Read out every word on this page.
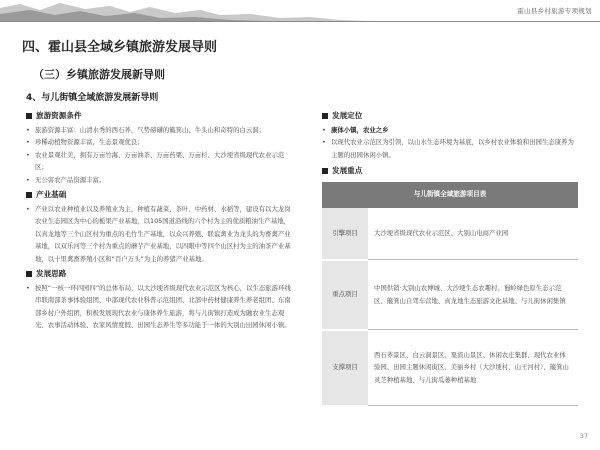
霍山县乡村旅游专项规划
四、霍山县全域乡镇旅游发展导则
（三）乡镇旅游发展新导则
4、与儿街镇全域旅游发展新导则
旅游资源条件
• 旅游资源丰富：山清水秀的西石荞，气势磅礴的簸箕山、牛头山和奇特的白云洞；
• 珍稀动植物资源丰富，生态景观优良；
• 农业景观壮美，拥有万亩竹海、万亩油茶、万亩药栗、万亩杉、大沙埂省级现代农业示范区；
• 无公害农产品资源丰富。
产业基础
• 产业以农业种植业以及养殖业为主，种植有蔬菜、茶叶、中药材、水稻等，建设有以大龙岗农业生态园区为中心的栀果产业基地，以105国道沿线的六个村为主的优质粮油生产基地，以真龙地等三个山区村为重点的毛竹生产基地，以众兴养殖、联谊禽业为龙头的为畜禽产业基地，以双乐河等三个村为重点的蘑芋产业基地，以四眼中等四个山区村为主的油茶产业基地，以十里禽畜养殖小区和“百户万头”为主的养猪产业基地。
发展思路
• 按照“一核一环四园四”的总体布局，以大沙埂省级现代农业示范区为核心，以生态旅游环线串联南部茶事体验组团、中部现代农业科普示范组团、北部中药材健康养生养老组团、东南部乡村户外组团，积极发展现代农业与康体养生旅游，将与儿街镇打造成为融农业生态观光、农事活动体验、农家风情度假、田园生态养生等多功能于一体的大别山田园休闲小镇。
发展定位
• 康体小镇，农业之乡
• 以现代农业示范区为引领，以山水生态环境为基底，以乡村农业体验和田园生态康养为主题的田园休闲小镇。
发展重点
与儿街镇全域旅游项目表	
引擎项目	大沙埂省级现代农业示范区、大别山电商产业园
重点项目	中国供销·大别山农博城、大沙埂生态农趣村、蜀岭绿色原生态示范区、簸箕山自驾车营地、真龙地生态旅游文化基地、与儿街休闲集镇
支撑项目	西石荞景区、白云洞景区、戛流山景区、休闲农庄集群、现代农业体验园、田园主题休闲街区、美丽乡村（大沙埂村、山王河村）、簸箕山灵芝种植基地、与儿街瓜蒌种植基地
37
